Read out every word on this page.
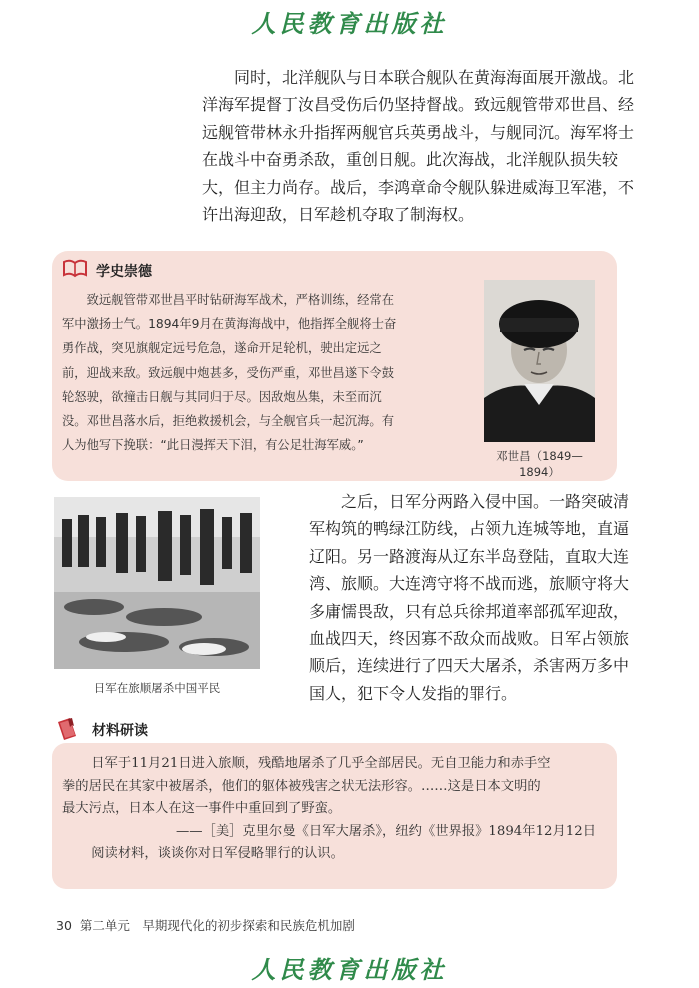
人民教育出版社

同时，北洋舰队与日本联合舰队在黄海海面展开激战。北
洋海军提督丁汝昌受伤后仍坚持督战。致远舰管带邓世昌、经
远舰管带林永升指挥两舰官兵英勇战斗，与舰同沉。海军将士
在战斗中奋勇杀敌，重创日舰。此次海战，北洋舰队损失较
大，但主力尚存。战后，李鸿章命令舰队躲进威海卫军港，不
许出海迎敌，日军趁机夺取了制海权。

学史崇德

致远舰管带邓世昌平时钻研海军战术，严格训练，经常在
军中激扬士气。1894年9月在黄海海战中，他指挥全舰将士奋
勇作战，突见旗舰定远号危急，遂命开足轮机，驶出定远之
前，迎战来敌。致远舰中炮甚多，受伤严重，邓世昌遂下令鼓
轮怒驶，欲撞击日舰与其同归于尽。因敌炮丛集，未至而沉
没。邓世昌落水后，拒绝救援机会，与全舰官兵一起沉海。有
人为他写下挽联：“此日漫挥天下泪，有公足壮海军威。”

邓世昌（1849—1894）
日军在旅顺屠杀中国平民

之后，日军分两路入侵中国。一路突破清
军构筑的鸭绿江防线，占领九连城等地，直逼
辽阳。另一路渡海从辽东半岛登陆，直取大连
湾、旅顺。大连湾守将不战而逃，旅顺守将大
多庸懦畏敌，只有总兵徐邦道率部孤军迎敌，
血战四天，终因寡不敌众而战败。日军占领旅
顺后，连续进行了四天大屠杀，杀害两万多中
国人，犯下令人发指的罪行。

材料研读

日军于11月21日进入旅顺，残酷地屠杀了几乎全部居民。无自卫能力和赤手空
拳的居民在其家中被屠杀，他们的躯体被残害之状无法形容。……这是日本文明的
最大污点，日本人在这一事件中重回到了野蛮。
——［美］克里尔曼《日军大屠杀》，纽约《世界报》1894年12月12日
阅读材料，谈谈你对日军侵略罪行的认识。

30 第二单元　早期现代化的初步探索和民族危机加剧
人民教育出版社
